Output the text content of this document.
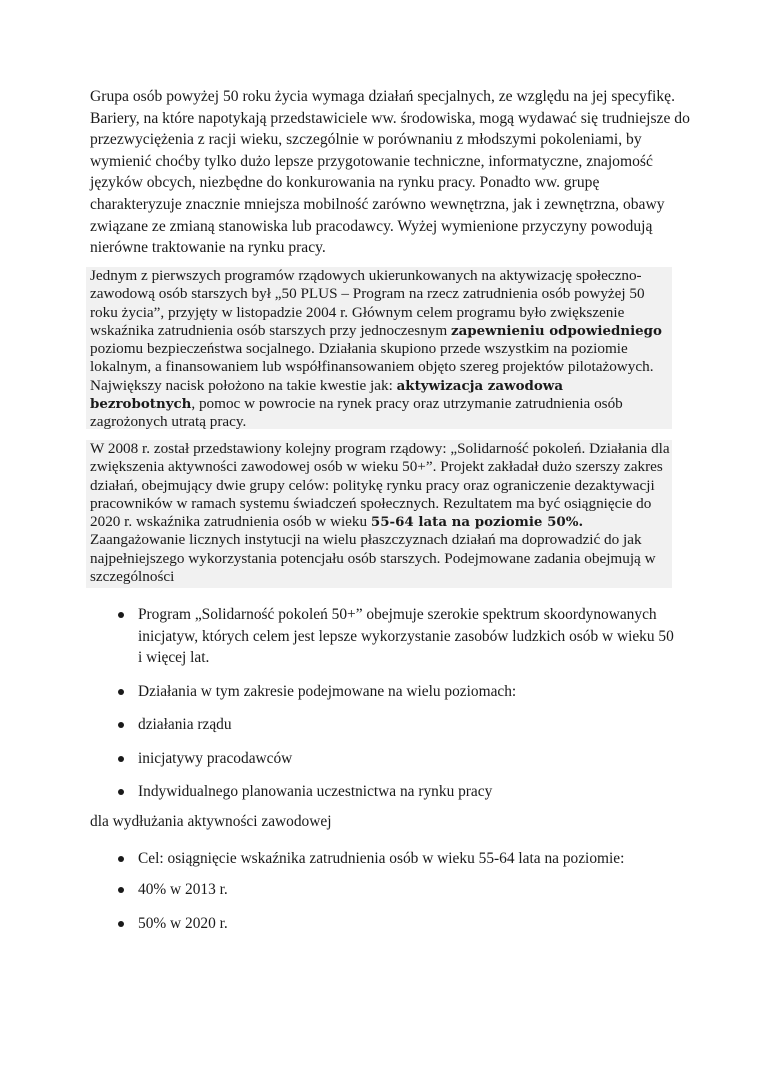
Grupa osób powyżej 50 roku życia wymaga działań specjalnych, ze względu na jej specyfikę. Bariery, na które napotykają przedstawiciele ww. środowiska, mogą wydawać się trudniejsze do przezwyciężenia z racji wieku, szczególnie w porównaniu z młodszymi pokoleniami, by wymienić choćby tylko dużo lepsze przygotowanie techniczne, informatyczne, znajomość języków obcych, niezbędne do konkurowania na rynku pracy. Ponadto ww. grupę charakteryzuje znacznie mniejsza mobilność zarówno wewnętrzna, jak i zewnętrzna, obawy związane ze zmianą stanowiska lub pracodawcy. Wyżej wymienione przyczyny powodują nierówne traktowanie na rynku pracy.

Jednym z pierwszych programów rządowych ukierunkowanych na aktywizację społeczno-zawodową osób starszych był „50 PLUS – Program na rzecz zatrudnienia osób powyżej 50 roku życia”, przyjęty w listopadzie 2004 r. Głównym celem programu było zwiększenie wskaźnika zatrudnienia osób starszych przy jednoczesnym zapewnieniu odpowiedniego poziomu bezpieczeństwa socjalnego. Działania skupiono przede wszystkim na poziomie lokalnym, a finansowaniem lub współfinansowaniem objęto szereg projektów pilotażowych. Największy nacisk położono na takie kwestie jak: aktywizacja zawodowa bezrobotnych, pomoc w powrocie na rynek pracy oraz utrzymanie zatrudnienia osób zagrożonych utratą pracy.

W 2008 r. został przedstawiony kolejny program rządowy: „Solidarność pokoleń. Działania dla zwiększenia aktywności zawodowej osób w wieku 50+”. Projekt zakładał dużo szerszy zakres działań, obejmujący dwie grupy celów: politykę rynku pracy oraz ograniczenie dezaktywacji pracowników w ramach systemu świadczeń społecznych. Rezultatem ma być osiągnięcie do 2020 r. wskaźnika zatrudnienia osób w wieku 55-64 lata na poziomie 50%. Zaangażowanie licznych instytucji na wielu płaszczyznach działań ma doprowadzić do jak najpełniejszego wykorzystania potencjału osób starszych. Podejmowane zadania obejmują w szczególności

Program „Solidarność pokoleń 50+” obejmuje szerokie spektrum skoordynowanych inicjatyw, których celem jest lepsze wykorzystanie zasobów ludzkich osób w wieku 50 i więcej lat.
Działania w tym zakresie podejmowane na wielu poziomach:
działania rządu
inicjatywy pracodawców
Indywidualnego planowania uczestnictwa na rynku pracy

dla wydłużania aktywności zawodowej

Cel: osiągnięcie wskaźnika zatrudnienia osób w wieku 55-64 lata na poziomie:
40% w 2013 r.
50% w 2020 r.
